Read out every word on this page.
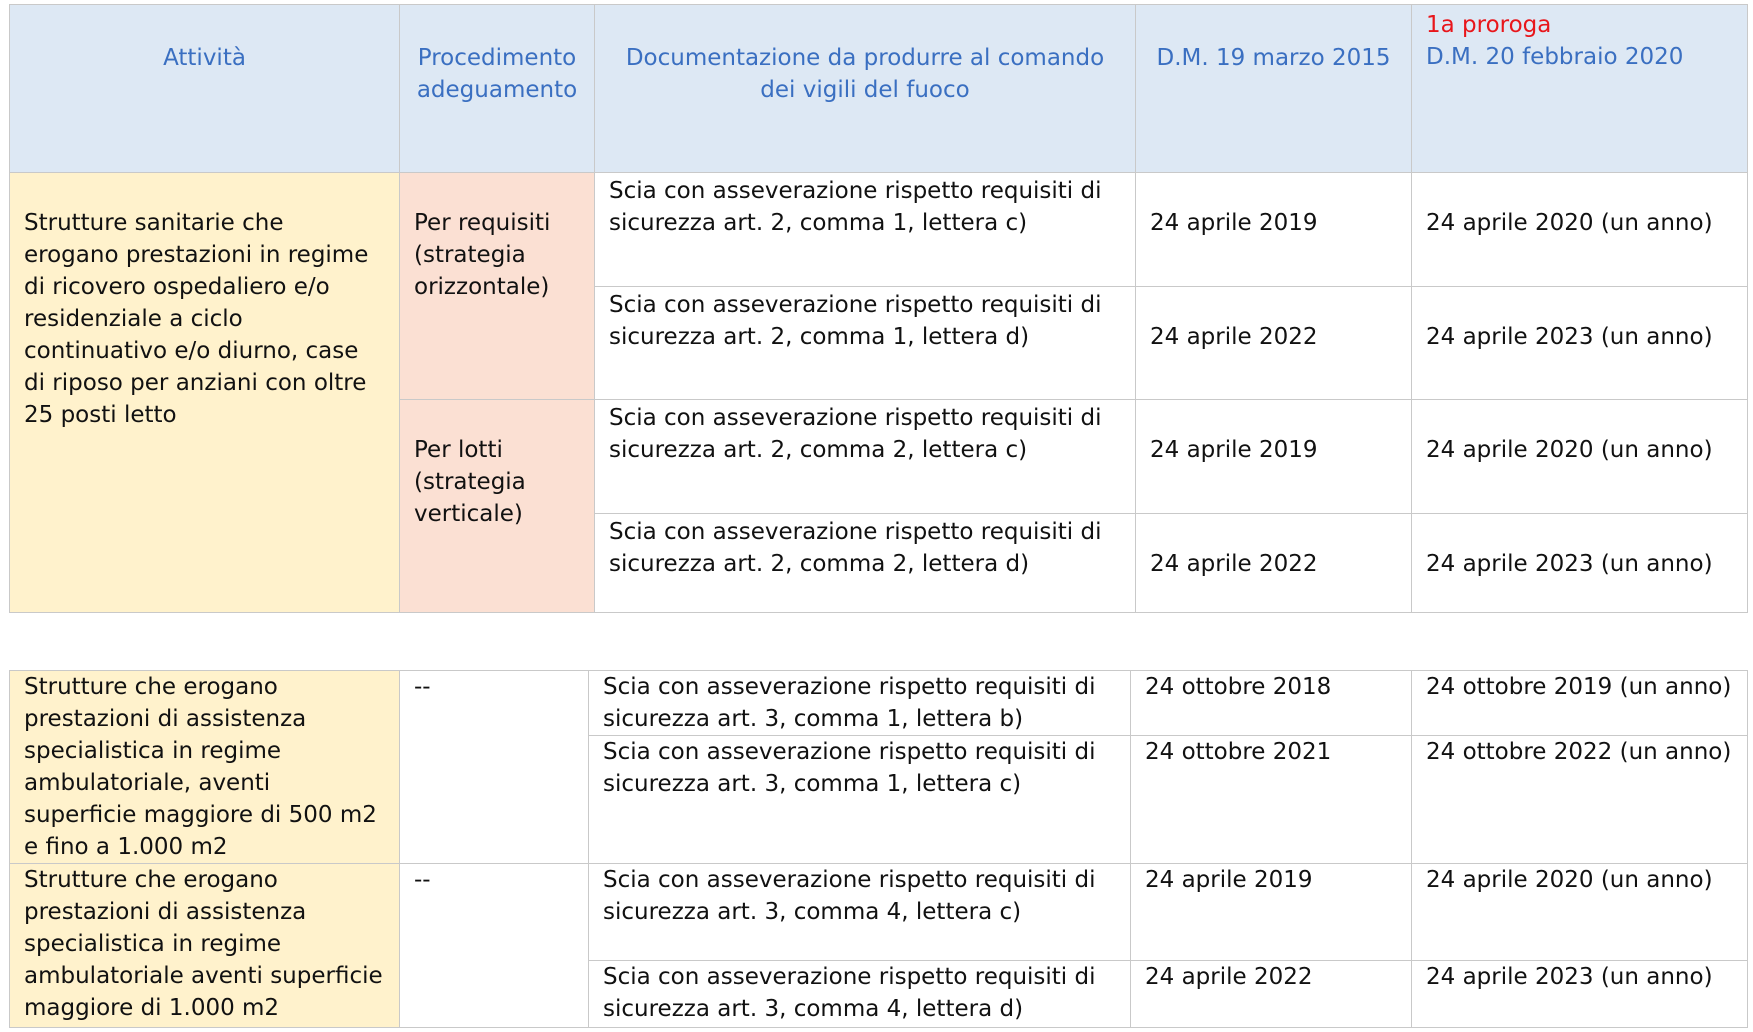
Attività	Procedimento adeguamento	Documentazione da produrre al comando dei vigili del fuoco	D.M. 19 marzo 2015	1a proroga
D.M. 20 febbraio 2020

Strutture sanitarie che erogano prestazioni in regime di ricovero ospedaliero e/o residenziale a ciclo continuativo e/o diurno, case di riposo per anziani con oltre 25 posti letto	Per requisiti (strategia orizzontale)	Scia con asseverazione rispetto requisiti di sicurezza art. 2, comma 1, lettera c)	24 aprile 2019	24 aprile 2020 (un anno)
		Scia con asseverazione rispetto requisiti di sicurezza art. 2, comma 1, lettera d)	24 aprile 2022	24 aprile 2023 (un anno)
	Per lotti (strategia verticale)	Scia con asseverazione rispetto requisiti di sicurezza art. 2, comma 2, lettera c)	24 aprile 2019	24 aprile 2020 (un anno)
		Scia con asseverazione rispetto requisiti di sicurezza art. 2, comma 2, lettera d)	24 aprile 2022	24 aprile 2023 (un anno)
Strutture che erogano prestazioni di assistenza specialistica in regime ambulatoriale, aventi superficie maggiore di 500 m2 e fino a 1.000 m2	--	Scia con asseverazione rispetto requisiti di sicurezza art. 3, comma 1, lettera b)	24 ottobre 2018	24 ottobre 2019 (un anno)
		Scia con asseverazione rispetto requisiti di sicurezza art. 3, comma 1, lettera c)	24 ottobre 2021	24 ottobre 2022 (un anno)
Strutture che erogano prestazioni di assistenza specialistica in regime ambulatoriale aventi superficie maggiore di 1.000 m2	--	Scia con asseverazione rispetto requisiti di sicurezza art. 3, comma 4, lettera c)	24 aprile 2019	24 aprile 2020 (un anno)
		Scia con asseverazione rispetto requisiti di sicurezza art. 3, comma 4, lettera d)	24 aprile 2022	24 aprile 2023 (un anno)
